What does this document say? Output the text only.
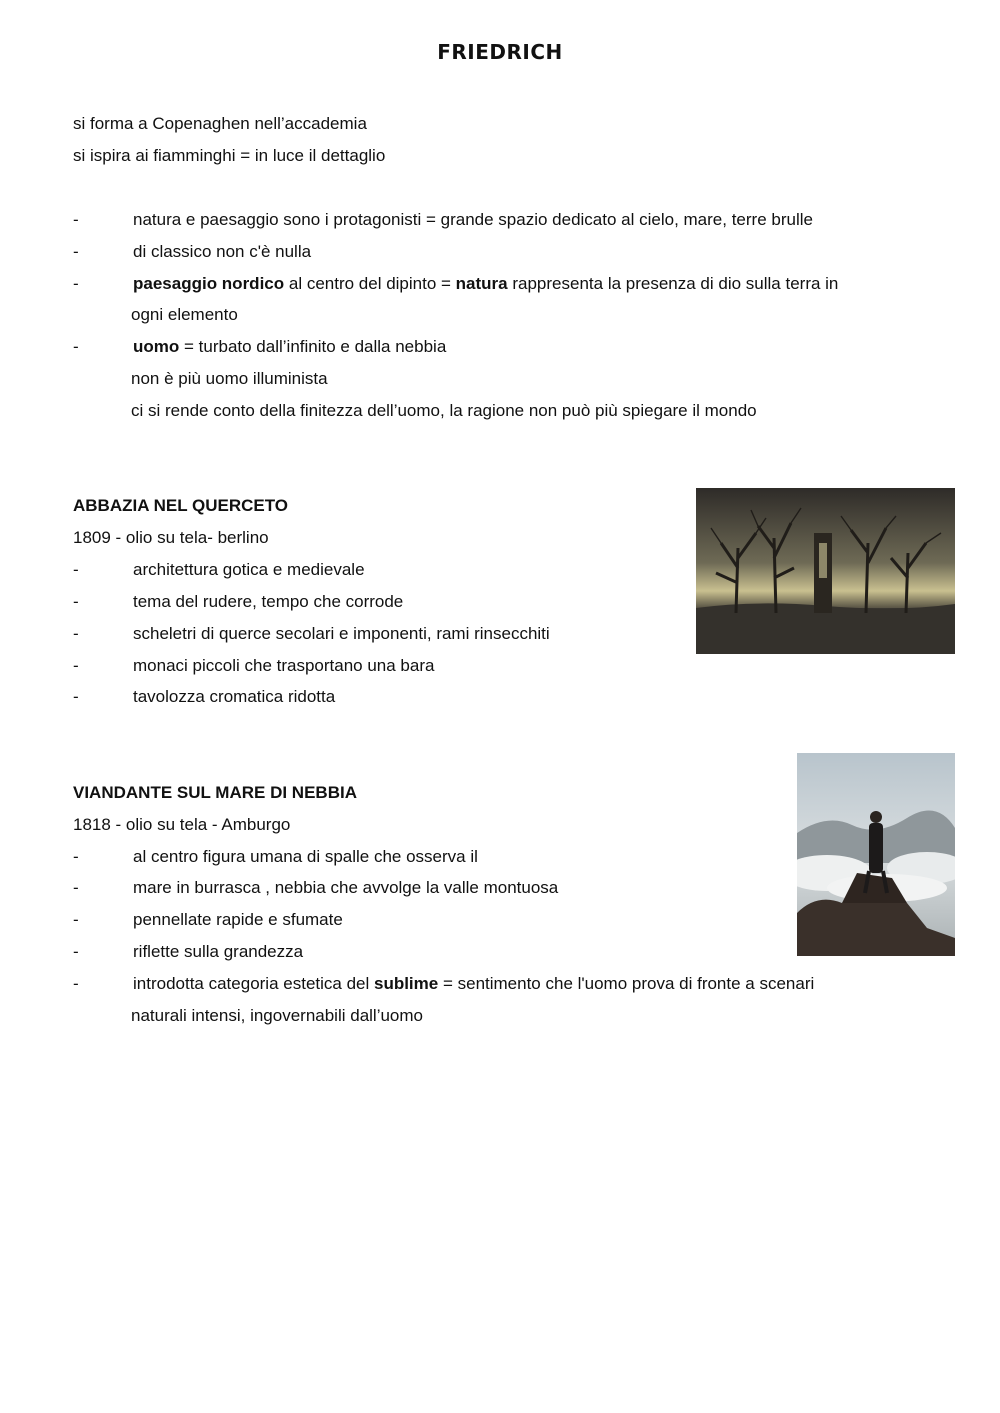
FRIEDRICH
si forma a Copenaghen nell’accademia
si ispira ai fiamminghi = in luce il dettaglio
-	natura e paesaggio sono i protagonisti = grande spazio dedicato al cielo, mare, terre brulle
-	di classico non c'è nulla
-	paesaggio nordico al centro del dipinto = natura rappresenta la presenza di dio sulla terra in
ogni elemento
-	uomo = turbato dall’infinito e dalla nebbia
non è più uomo illuminista
ci si rende conto della finitezza dell’uomo, la ragione non può più spiegare il mondo
ABBAZIA NEL QUERCETO
1809 - olio su tela- berlino
-	architettura gotica e medievale
-	tema del rudere, tempo che corrode
-	scheletri di querce secolari e imponenti, rami rinsecchiti
-	monaci piccoli che trasportano una bara
-	tavolozza cromatica ridotta
VIANDANTE SUL MARE DI NEBBIA
1818 - olio su tela - Amburgo
-	al centro figura umana di spalle che osserva il
-	mare in burrasca , nebbia che avvolge la valle montuosa
-	pennellate rapide e sfumate
-	riflette sulla grandezza
-	introdotta categoria estetica del sublime = sentimento che l'uomo prova di fronte a scenari
naturali intensi, ingovernabili dall’uomo
